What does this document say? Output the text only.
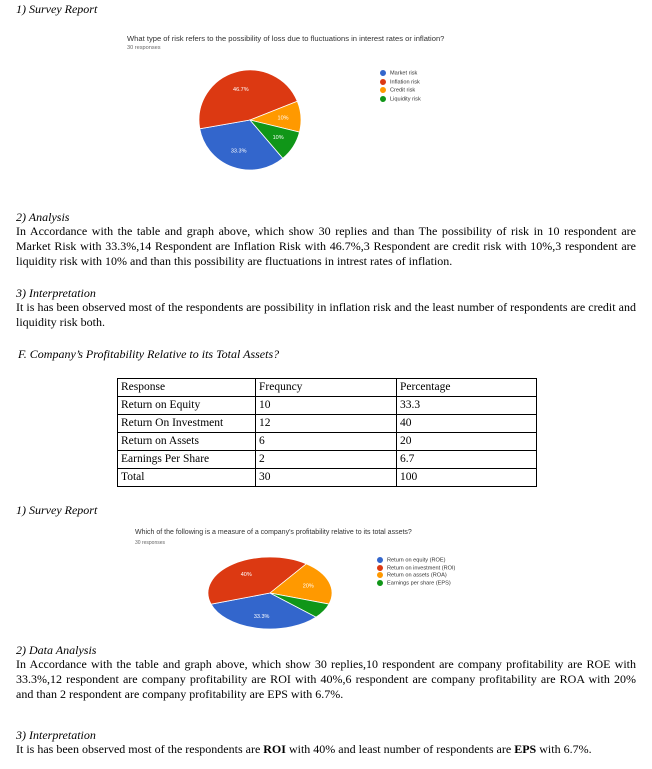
1) Survey Report
What type of risk refers to the possibility of loss due to fluctuations in interest rates or inflation?
30 responses
33.3%
46.7%
10%
10%
Market risk
Inflation risk
Credit risk
Liquidity risk
2) Analysis
In Accordance with the table and graph above, which show 30 replies and than The possibility of risk in 10 respondent are Market Risk with 33.3%,14 Respondent are Inflation Risk with 46.7%,3 Respondent are credit risk with 10%,3 respondent are liquidity risk with 10% and than this possibility are fluctuations in intrest rates of inflation.
3) Interpretation
It is has been observed most of the respondents are possibility in inflation risk and the least number of respondents are credit and liquidity risk both.
F. Company’s Profitability Relative to its Total Assets?
Response	Frequncy	Percentage
Return on Equity	10	33.3
Return On Investment	12	40
Return on Assets	6	20
Earnings Per Share	2	6.7
Total	30	100
1) Survey Report
Which of the following is a measure of a company's profitability relative to its total assets?
30 responses
33.3%
40%
20%
Return on equity (ROE)
Return on investment (ROI)
Return on assets (ROA)
Earnings per share (EPS)
2) Data Analysis
In Accordance with the table and graph above, which show 30 replies,10 respondent are company profitability are ROE with 33.3%,12 respondent are company profitability are ROI with 40%,6 respondent are company profitability are ROA with 20% and than 2 respondent are company profitability are EPS with 6.7%.
3) Interpretation
It is has been observed most of the respondents are ROI with 40% and least number of respondents are EPS with 6.7%.
